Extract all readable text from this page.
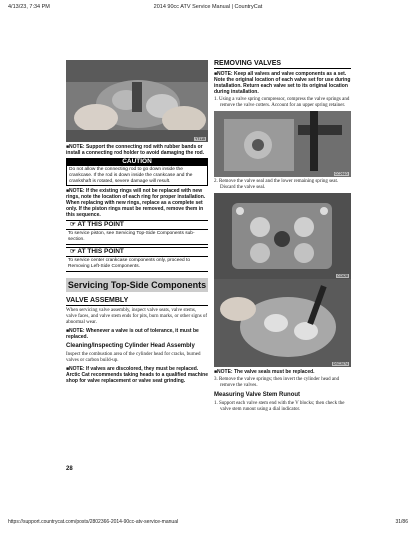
4/13/23, 7:34 PM	2014 90cc ATV Service Manual | CountryCat
YT115
■NOTE: Support the connecting rod with rubber bands or install a connecting rod holder to avoid damaging the rod.
CAUTION
Do not allow the connecting rod to go down inside the crankcase. If the rod is down inside the crankcase and the crankshaft is rotated, severe damage will result.
■NOTE: If the existing rings will not be replaced with new rings, note the location of each ring for proper installation. When replacing with new rings, replace as a complete set only. If the piston rings must be removed, remove them in this sequence.
☞ AT THIS POINT
To service piston, see Servicing Top-Side Components sub-section.
☞ AT THIS POINT
To service center crankcase components only, proceed to Removing Left-Side Components.
Servicing Top-Side Components
VALVE ASSEMBLY
When servicing valve assembly, inspect valve seats, valve stems, valve faces, and valve stem ends for pits, burn marks, or other signs of abnormal wear.
■NOTE: Whenever a valve is out of tolerance, it must be replaced.
Cleaning/Inspecting Cylinder Head Assembly
Inspect the combustion area of the cylinder head for cracks, burned valves or carbon build-up.
■NOTE: If valves are discolored, they must be replaced. Arctic Cat recommends taking heads to a qualified machine shop for valve replacement or valve seat grinding.
28
REMOVING VALVES
■NOTE: Keep all valves and valve components as a set. Note the original location of each valve set for use during installation. Return each valve set to its original location during installation.
1. Using a valve spring compressor, compress the valve springs and remove the valve cotters. Account for an upper spring retainer.
CC261D
2. Remove the valve seal and the lower remaining spring seat. Discard the valve seal.
CC628
DSC2074
■NOTE: The valve seals must be replaced.
3. Remove the valve springs; then invert the cylinder head and remove the valves.
Measuring Valve Stem Runout
1. Support each valve stem end with the V blocks; then check the valve stem runout using a dial indicator.
https://support.countrycat.com/posts/2802366-2014-90cc-atv-service-manual	31/86
